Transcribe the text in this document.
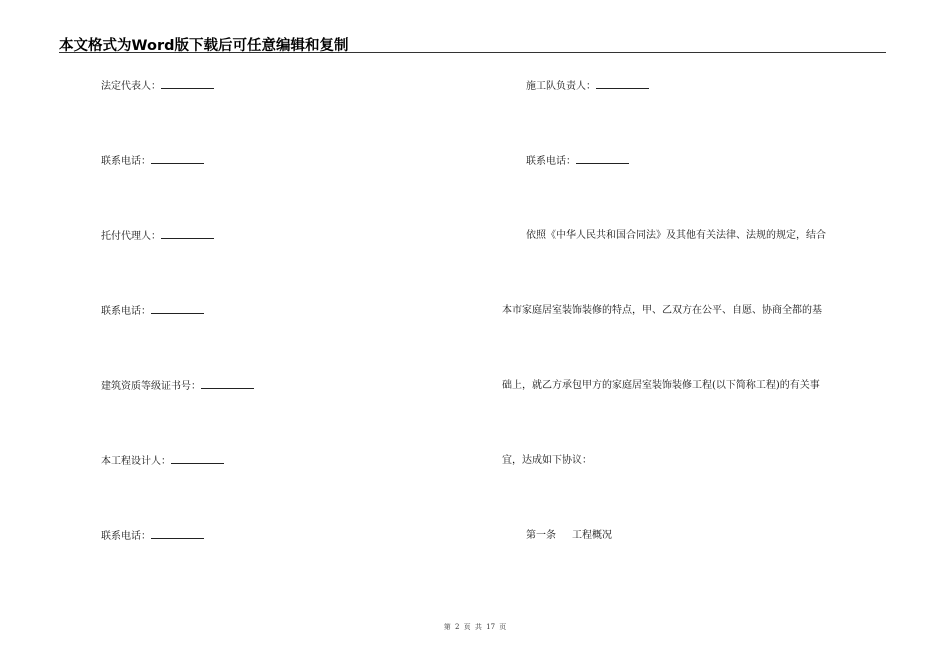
本文格式为Word版下载后可任意编辑和复制
法定代表人：
联系电话：
托付代理人：
联系电话：
建筑资质等级证书号：
本工程设计人：
联系电话：
施工队负责人：
联系电话：
依照《中华人民共和国合同法》及其他有关法律、法规的规定，结合
本市家庭居室装饰装修的特点，甲、乙双方在公平、自愿、协商全都的基
础上，就乙方承包甲方的家庭居室装饰装修工程(以下简称工程)的有关事
宜，达成如下协议：
第一条 工程概况
第 2 页 共 17 页
